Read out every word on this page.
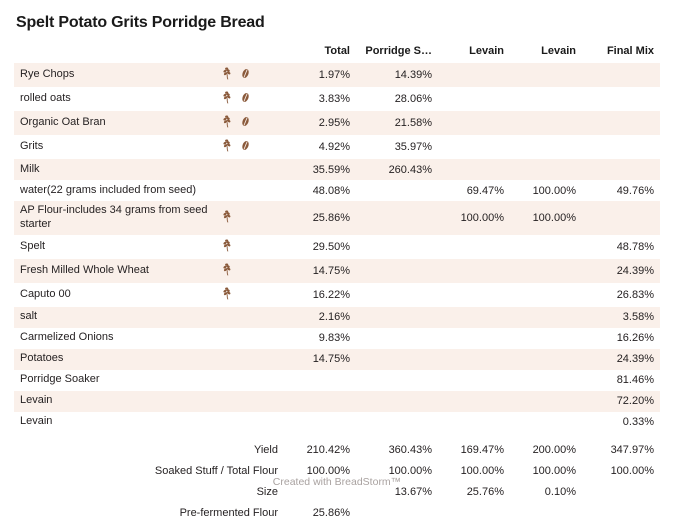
Spelt Potato Grits Porridge Bread
		Total	Porridge S…	Levain	Levain	Final Mix
Rye Chops		1.97%	14.39%			
rolled oats		3.83%	28.06%			
Organic Oat Bran		2.95%	21.58%			
Grits		4.92%	35.97%			
Milk		35.59%	260.43%			
water(22 grams included from seed)		48.08%		69.47%	100.00%	49.76%
AP Flour-includes 34 grams from seed starter		25.86%		100.00%	100.00%	
Spelt		29.50%				48.78%
Fresh Milled Whole Wheat		14.75%				24.39%
Caputo 00		16.22%				26.83%
salt		2.16%				3.58%
Carmelized Onions		9.83%				16.26%
Potatoes		14.75%				24.39%
Porridge Soaker						81.46%
Levain						72.20%
Levain						0.33%
Yield	210.42%	360.43%	169.47%	200.00%	347.97%
Soaked Stuff / Total Flour	100.00%	100.00%	100.00%	100.00%	100.00%
Size		13.67%	25.76%	0.10%	
Pre-fermented Flour	25.86%				
Created with BreadStorm™
